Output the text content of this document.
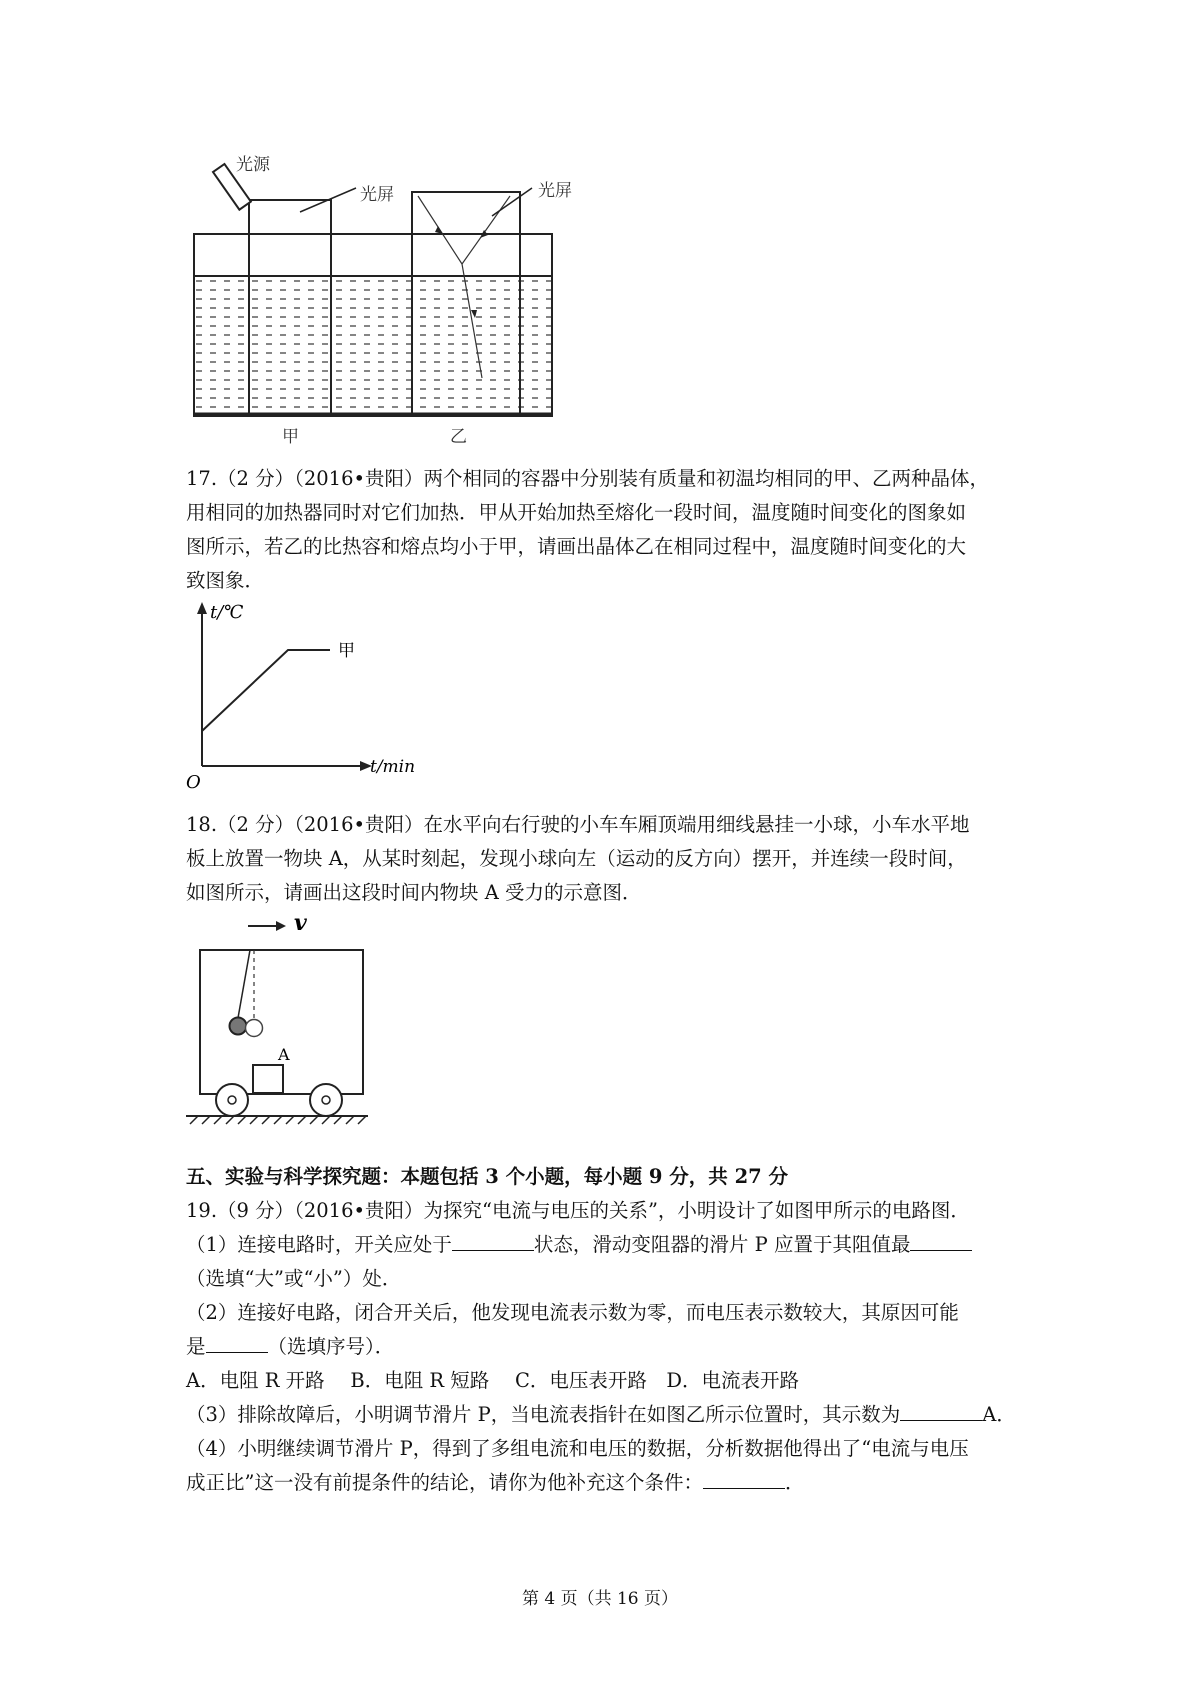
光源
光屏	光屏
甲	乙
17.（2 分）（2016•贵阳）两个相同的容器中分别装有质量和初温均相同的甲、乙两种晶体，
用相同的加热器同时对它们加热．甲从开始加热至熔化一段时间，温度随时间变化的图象如
图所示，若乙的比热容和熔点均小于甲，请画出晶体乙在相同过程中，温度随时间变化的大
致图象．
t/℃
t/min
O
甲
18.（2 分）（2016•贵阳）在水平向右行驶的小车车厢顶端用细线悬挂一小球，小车水平地
板上放置一物块 A，从某时刻起，发现小球向左（运动的反方向）摆开，并连续一段时间，
如图所示，请画出这段时间内物块 A 受力的示意图．
v
A
五、实验与科学探究题：本题包括 3 个小题，每小题 9 分，共 27 分
19.（9 分）（2016•贵阳）为探究“电流与电压的关系”，小明设计了如图甲所示的电路图．
（1）连接电路时，开关应处于	状态，滑动变阻器的滑片 P 应置于其阻值最
（选填“大”或“小”）处．
（2）连接好电路，闭合开关后，他发现电流表示数为零，而电压表示数较大，其原因可能
是	（选填序号）．
A．电阻 R 开路　 B．电阻 R 短路　 C．电压表开路　D．电流表开路
（3）排除故障后，小明调节滑片 P，当电流表指针在如图乙所示位置时，其示数为	A．
（4）小明继续调节滑片 P，得到了多组电流和电压的数据，分析数据他得出了“电流与电压
成正比”这一没有前提条件的结论，请你为他补充这个条件：	．
第 4 页（共 16 页）
